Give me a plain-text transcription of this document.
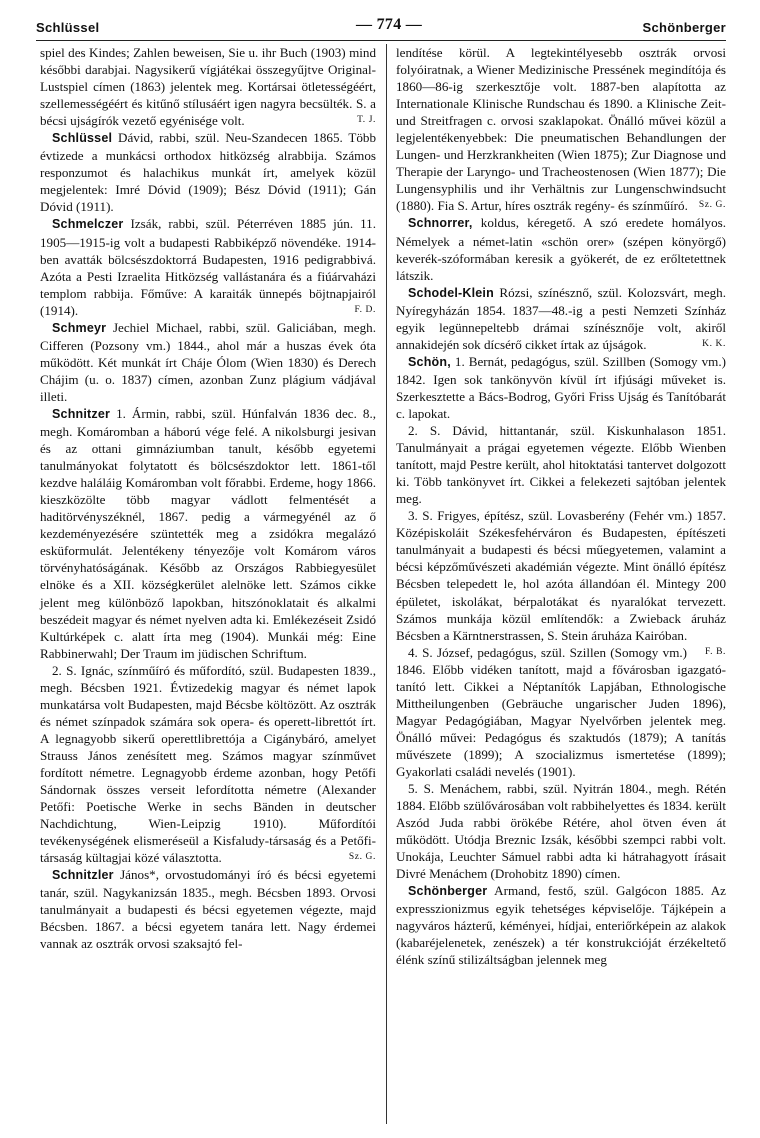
Schlüssel	— 774 —	Schönberger

spiel des Kindes; Zahlen beweisen, Sie u. ihr Buch (1903) mind későbbi darabjai. Nagysikerű vígjátékai összegyűjtve Original-Lustspiel címen (1863) jelentek meg. Kortársai ötletességéért, szellemességéért és kitűnő stílusáért igen nagyra becsülték. S. a bécsi ujságírók vezető egyénisége volt.	T. J.

Schlüssel Dávid, rabbi, szül. Neu-Szandecen 1865. Több évtizede a munkácsi orthodox hitközség alrabbija. Számos responzumot és halachikus munkát írt, amelyek közül megjelentek: Imré Dóvid (1909); Bész Dóvid (1911); Gán Dóvid (1911).

Schmelczer Izsák, rabbi, szül. Péterréven 1885 jún. 11. 1905—1915-ig volt a budapesti Rabbiképző növendéke. 1914-ben avatták bölcsészdoktorrá Budapesten, 1916 pedigrabbivá. Azóta a Pesti Izraelita Hitközség vallástanára és a fiúárvaházi templom rabbija. Főműve: A karaiták ünnepés böjtnapjairól (1914).	F. D.

Schmeyr Jechiel Michael, rabbi, szül. Galiciában, megh. Cifferen (Pozsony vm.) 1844., ahol már a huszas évek óta működött. Két munkát írt Cháje Ólom (Wien 1830) és Derech Chájim (u. o. 1837) címen, azonban Zunz plágium vádjával illeti.

Schnitzer 1. Ármin, rabbi, szül. Húnfalván 1836 dec. 8., megh. Komáromban a háború vége felé. A nikolsburgi jesivan és az ottani gimnáziumban tanult, később egyetemi tanulmányokat folytatott és bölcsészdoktor lett. 1861-től kezdve haláláig Komáromban volt főrabbi. Erdeme, hogy 1866. kieszközölte több magyar vádlott felmentését a haditörvényszéknél, 1867. pedig a vármegyénél az ő kezdeményezésére szüntették meg a zsidókra megalázó esküformulát. Jelentékeny tényezője volt Komárom város törvényhatóságának. Később az Országos Rabbiegyesület elnöke és a XII. községkerület alelnöke lett. Számos cikke jelent meg különböző lapokban, hitszónoklatait és alkalmi beszédeit magyar és német nyelven adta ki. Emlékezéseit Zsidó Kultúrképek c. alatt írta meg (1904). Munkái még: Eine Rabbinerwahl; Der Traum im jüdischen Schriftum.

2. S. Ignác, színműíró és műfordító, szül. Budapesten 1839., megh. Bécsben 1921. Évtizedekig magyar és német lapok munkatársa volt Budapesten, majd Bécsbe költözött. Az osztrák és német színpadok számára sok opera- és operett-librettót írt. A legnagyobb sikerű operettlibrettója a Cigánybáró, amelyet Strauss János zenésített meg. Számos magyar színművet fordított németre. Legnagyobb érdeme azonban, hogy Petőfi Sándornak összes verseit lefordította németre (Alexander Petőfi: Poetische Werke in sechs Bänden in deutscher Nachdichtung, Wien-Leipzig 1910). Műfordítói tevékenységének elismeréseül a Kisfaludy-társaság és a Petőfi-társaság kültagjai közé választotta.	Sz. G.

Schnitzler János*, orvostudományi író és bécsi egyetemi tanár, szül. Nagykanizsán 1835., megh. Bécsben 1893. Orvosi tanulmányait a budapesti és bécsi egyetemen végezte, majd Bécsben. 1867. a bécsi egyetem tanára lett. Nagy érdemei vannak az osztrák orvosi szaksajtó fel-

lendítése körül. A legtekintélyesebb osztrák orvosi folyóiratnak, a Wiener Medizinische Pressének megindítója és 1860—86-ig szerkesztője volt. 1887-ben alapította az Internationale Klinische Rundschau és 1890. a Klinische Zeit- und Streitfragen c. orvosi szaklapokat. Önálló művei közül a legjelentékenyebbek: Die pneumatischen Behandlungen der Lungen- und Herzkrankheiten (Wien 1875); Zur Diagnose und Therapie der Laryngo- und Tracheostenosen (Wien 1877); Die Lungensyphilis und ihr Verhältnis zur Lungenschwindsucht (1880). Fia S. Artur, híres osztrák regény- és színműíró. Sz. G.

Schnorrer, koldus, kéregető. A szó eredete homályos. Némelyek a német-latin «schön orer» (szépen könyörgő) keverék-szóformában keresik a gyökerét, de ez erőltetettnek látszik.

Schodel-Klein Rózsi, színésznő, szül. Kolozsvárt, megh. Nyíregyházán 1854. 1837—48.-ig a pesti Nemzeti Színház egyik legünnepeltebb drámai színésznője volt, akiről annakidején sok dícsérő cikket írtak az újságok.	K. K.

Schön, 1. Bernát, pedagógus, szül. Szillben (Somogy vm.) 1842. Igen sok tankönyvön kívül írt ifjúsági műveket is. Szerkesztette a Bács-Bodrog, Győri Friss Ujság és Tanítóbarát c. lapokat.

2. S. Dávid, hittantanár, szül. Kiskunhalason 1851. Tanulmányait a prágai egyetemen végezte. Előbb Wienben tanított, majd Pestre került, ahol hitoktatási tantervet dolgozott ki. Több tankönyvet írt. Cikkei a felekezeti sajtóban jelentek meg.

3. S. Frigyes, építész, szül. Lovasberény (Fehér vm.) 1857. Középiskoláit Székesfehérváron és Budapesten, építészeti tanulmányait a budapesti és bécsi műegyetemen, valamint a bécsi képzőművészeti akadémián végezte. Mint önálló építész Bécsben telepedett le, hol azóta állandóan él. Mintegy 200 épületet, iskolákat, bérpalotákat és nyaralókat tervezett. Számos munkája közül említendők: a Zwieback áruház Bécsben a Kärntnerstrassen, S. Stein áruháza Kairóban.
F. B.

4. S. József, pedagógus, szül. Szillen (Somogy vm.) 1846. Előbb vidéken tanított, majd a fővárosban igazgató-tanító lett. Cikkei a Néptanítók Lapjában, Ethnologische Mittheilungenben (Gebräuche ungarischer Juden 1896), Magyar Pedagógiában, Magyar Nyelvőrben jelentek meg. Önálló művei: Pedagógus és szaktudós (1879); A tanítás művészete (1899); A szocializmus ismertetése (1899); Gyakorlati családi nevelés (1901).

5. S. Menáchem, rabbi, szül. Nyitrán 1804., megh. Rétén 1884. Előbb szülővárosában volt rabbihelyettes és 1834. került Aszód Juda rabbi örökébe Rétére, ahol ötven éven át működött. Utódja Breznic Izsák, későbbi szempci rabbi volt. Unokája, Leuchter Sámuel rabbi adta ki hátrahagyott írásait Divré Menáchem (Drohobitz 1890) címen.

Schönberger Armand, festő, szül. Galgócon 1885. Az expresszionizmus egyik tehetséges képviselője. Tájképein a nagyváros házterű, kéményei, hídjai, enteriőrképein az alakok (kabaréjelenetek, zenészek) a tér konstrukcióját érzékeltető élénk színű stilizáltságban jelennek meg
